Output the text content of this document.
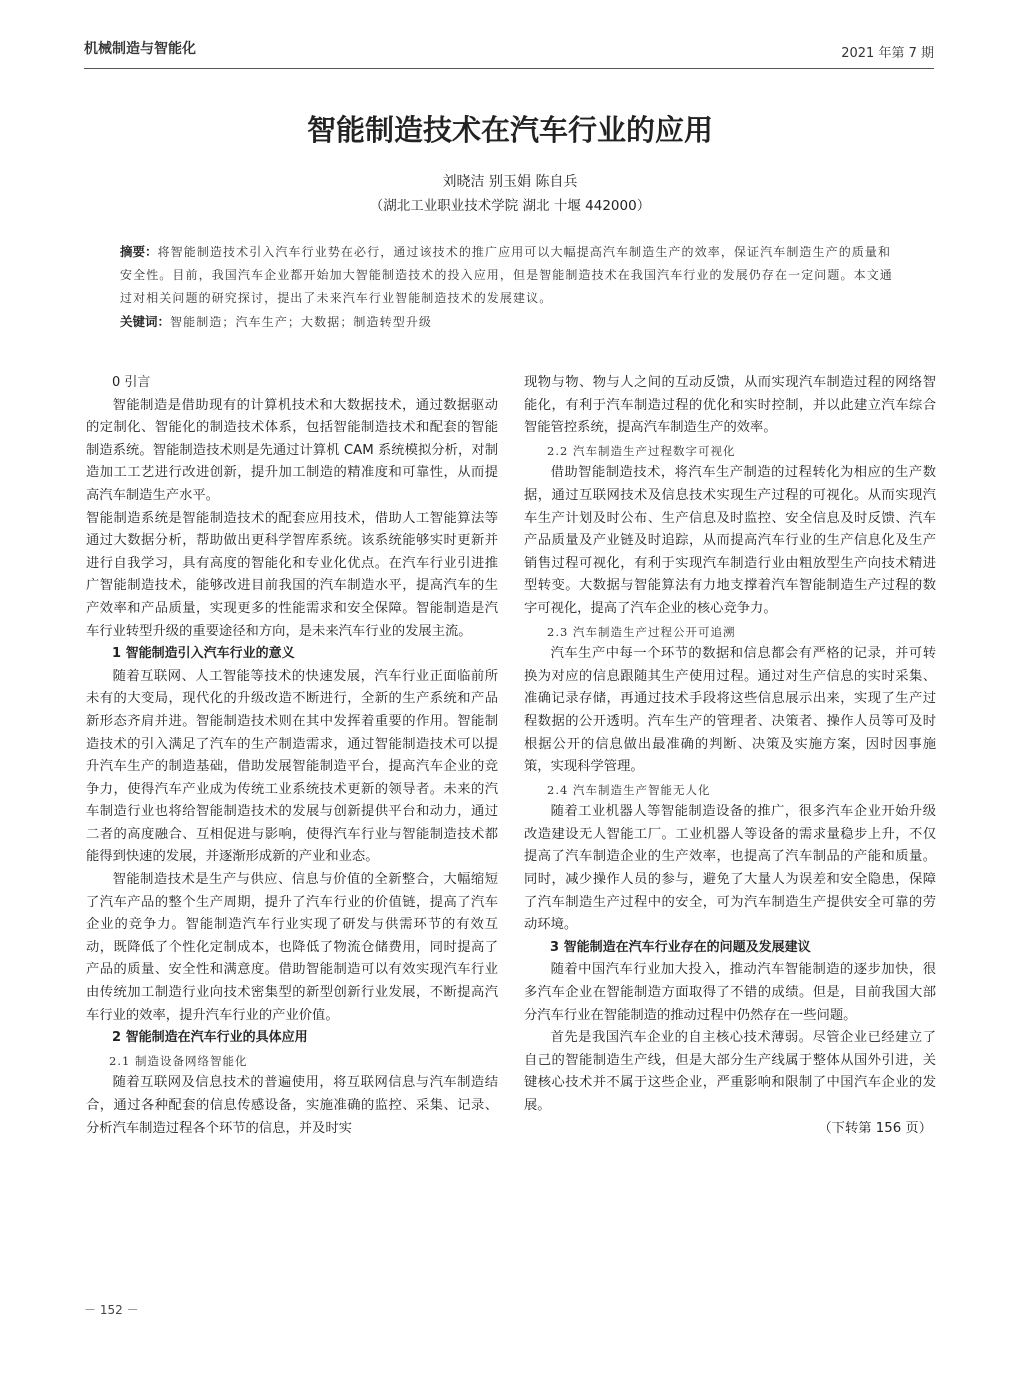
机械制造与智能化	2021 年第 7 期
智能制造技术在汽车行业的应用
刘晓洁 别玉娟 陈自兵
（湖北工业职业技术学院 湖北 十堰 442000）
摘要：将智能制造技术引入汽车行业势在必行，通过该技术的推广应用可以大幅提高汽车制造生产的效率，保证汽车制造生产的质量和安全性。目前，我国汽车企业都开始加大智能制造技术的投入应用，但是智能制造技术在我国汽车行业的发展仍存在一定问题。本文通过对相关问题的研究探讨，提出了未来汽车行业智能制造技术的发展建议。
关键词：智能制造；汽车生产；大数据；制造转型升级
0 引言

智能制造是借助现有的计算机技术和大数据技术，通过数据驱动的定制化、智能化的制造技术体系，包括智能制造技术和配套的智能制造系统。智能制造技术则是先通过计算机 CAM 系统模拟分析，对制造加工工艺进行改进创新，提升加工制造的精准度和可靠性，从而提高汽车制造生产水平。

智能制造系统是智能制造技术的配套应用技术，借助人工智能算法等通过大数据分析，帮助做出更科学智库系统。该系统能够实时更新并进行自我学习，具有高度的智能化和专业化优点。在汽车行业引进推广智能制造技术，能够改进目前我国的汽车制造水平，提高汽车的生产效率和产品质量，实现更多的性能需求和安全保障。智能制造是汽车行业转型升级的重要途径和方向，是未来汽车行业的发展主流。

1 智能制造引入汽车行业的意义

随着互联网、人工智能等技术的快速发展，汽车行业正面临前所未有的大变局，现代化的升级改造不断进行，全新的生产系统和产品新形态齐肩并进。智能制造技术则在其中发挥着重要的作用。智能制造技术的引入满足了汽车的生产制造需求，通过智能制造技术可以提升汽车生产的制造基础，借助发展智能制造平台，提高汽车企业的竞争力，使得汽车产业成为传统工业系统技术更新的领导者。未来的汽车制造行业也将给智能制造技术的发展与创新提供平台和动力，通过二者的高度融合、互相促进与影响，使得汽车行业与智能制造技术都能得到快速的发展，并逐渐形成新的产业和业态。

智能制造技术是生产与供应、信息与价值的全新整合，大幅缩短了汽车产品的整个生产周期，提升了汽车行业的价值链，提高了汽车企业的竞争力。智能制造汽车行业实现了研发与供需环节的有效互动，既降低了个性化定制成本，也降低了物流仓储费用，同时提高了产品的质量、安全性和满意度。借助智能制造可以有效实现汽车行业由传统加工制造行业向技术密集型的新型创新行业发展，不断提高汽车行业的效率，提升汽车行业的产业价值。

2 智能制造在汽车行业的具体应用
2.1 制造设备网络智能化

随着互联网及信息技术的普遍使用，将互联网信息与汽车制造结合，通过各种配套的信息传感设备，实施准确的监控、采集、记录、分析汽车制造过程各个环节的信息，并及时实

现物与物、物与人之间的互动反馈，从而实现汽车制造过程的网络智能化，有利于汽车制造过程的优化和实时控制，并以此建立汽车综合智能管控系统，提高汽车制造生产的效率。

2.2 汽车制造生产过程数字可视化

借助智能制造技术，将汽车生产制造的过程转化为相应的生产数据，通过互联网技术及信息技术实现生产过程的可视化。从而实现汽车生产计划及时公布、生产信息及时监控、安全信息及时反馈、汽车产品质量及产业链及时追踪，从而提高汽车行业的生产信息化及生产销售过程可视化，有利于实现汽车制造行业由粗放型生产向技术精进型转变。大数据与智能算法有力地支撑着汽车智能制造生产过程的数字可视化，提高了汽车企业的核心竞争力。

2.3 汽车制造生产过程公开可追溯

汽车生产中每一个环节的数据和信息都会有严格的记录，并可转换为对应的信息跟随其生产使用过程。通过对生产信息的实时采集、准确记录存储，再通过技术手段将这些信息展示出来，实现了生产过程数据的公开透明。汽车生产的管理者、决策者、操作人员等可及时根据公开的信息做出最准确的判断、决策及实施方案，因时因事施策，实现科学管理。

2.4 汽车制造生产智能无人化

随着工业机器人等智能制造设备的推广，很多汽车企业开始升级改造建设无人智能工厂。工业机器人等设备的需求量稳步上升，不仅提高了汽车制造企业的生产效率，也提高了汽车制品的产能和质量。同时，减少操作人员的参与，避免了大量人为误差和安全隐患，保障了汽车制造生产过程中的安全，可为汽车制造生产提供安全可靠的劳动环境。

3 智能制造在汽车行业存在的问题及发展建议

随着中国汽车行业加大投入，推动汽车智能制造的逐步加快，很多汽车企业在智能制造方面取得了不错的成绩。但是，目前我国大部分汽车行业在智能制造的推动过程中仍然存在一些问题。

首先是我国汽车企业的自主核心技术薄弱。尽管企业已经建立了自己的智能制造生产线，但是大部分生产线属于整体从国外引进，关键核心技术并不属于这些企业，严重影响和限制了中国汽车企业的发展。

（下转第 156 页）

－ 152 －
